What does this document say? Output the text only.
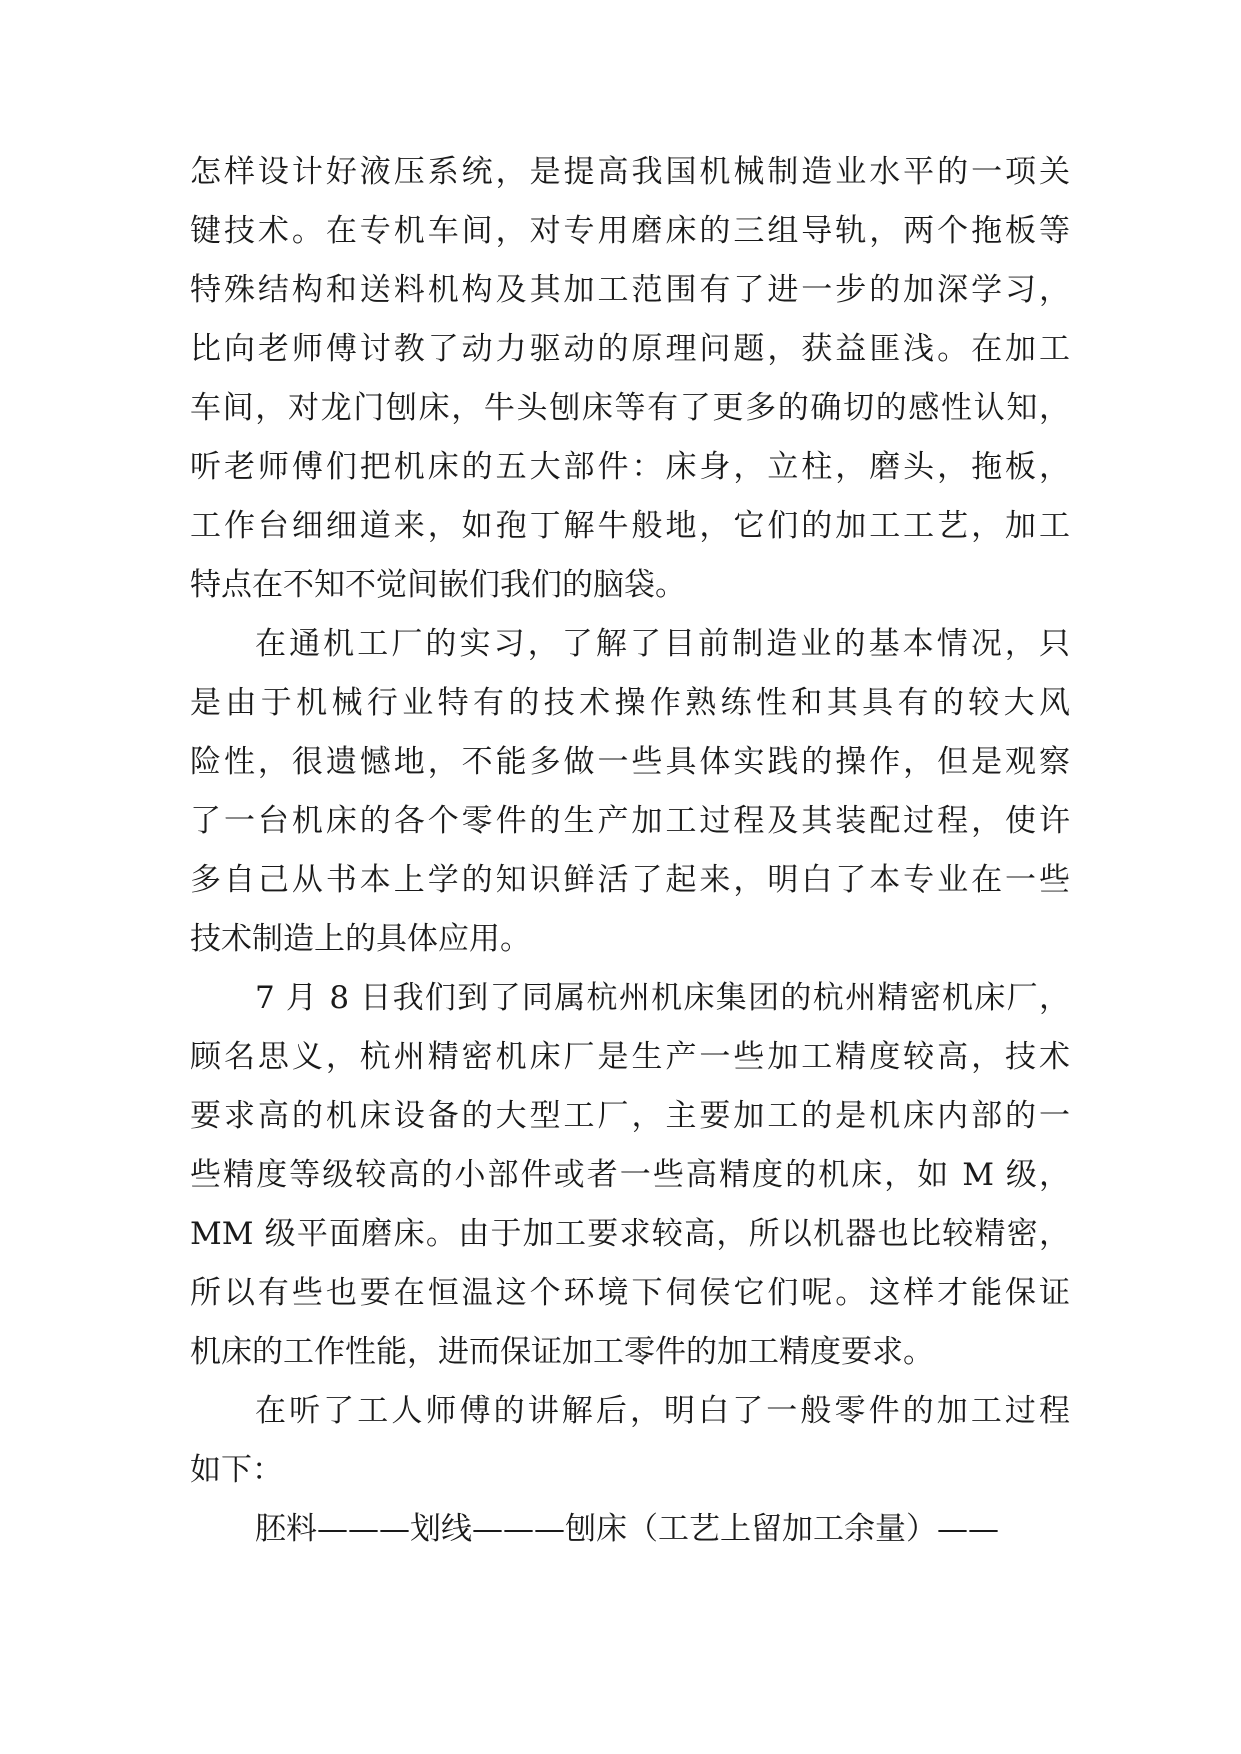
怎样设计好液压系统，是提高我国机械制造业水平的一项关
键技术。在专机车间，对专用磨床的三组导轨，两个拖板等
特殊结构和送料机构及其加工范围有了进一步的加深学习，
比向老师傅讨教了动力驱动的原理问题，获益匪浅。在加工
车间，对龙门刨床，牛头刨床等有了更多的确切的感性认知，
听老师傅们把机床的五大部件：床身，立柱，磨头，拖板，
工作台细细道来，如孢丁解牛般地，它们的加工工艺，加工
特点在不知不觉间嵌们我们的脑袋。
在通机工厂的实习，了解了目前制造业的基本情况，只
是由于机械行业特有的技术操作熟练性和其具有的较大风
险性，很遗憾地，不能多做一些具体实践的操作，但是观察
了一台机床的各个零件的生产加工过程及其装配过程，使许
多自己从书本上学的知识鲜活了起来，明白了本专业在一些
技术制造上的具体应用。
7 月 8 日我们到了同属杭州机床集团的杭州精密机床厂，
顾名思义，杭州精密机床厂是生产一些加工精度较高，技术
要求高的机床设备的大型工厂，主要加工的是机床内部的一
些精度等级较高的小部件或者一些高精度的机床，如 M 级，
MM 级平面磨床。由于加工要求较高，所以机器也比较精密，
所以有些也要在恒温这个环境下伺侯它们呢。这样才能保证
机床的工作性能，进而保证加工零件的加工精度要求。
在听了工人师傅的讲解后，明白了一般零件的加工过程
如下：
胚料———划线———刨床（工艺上留加工余量）——
